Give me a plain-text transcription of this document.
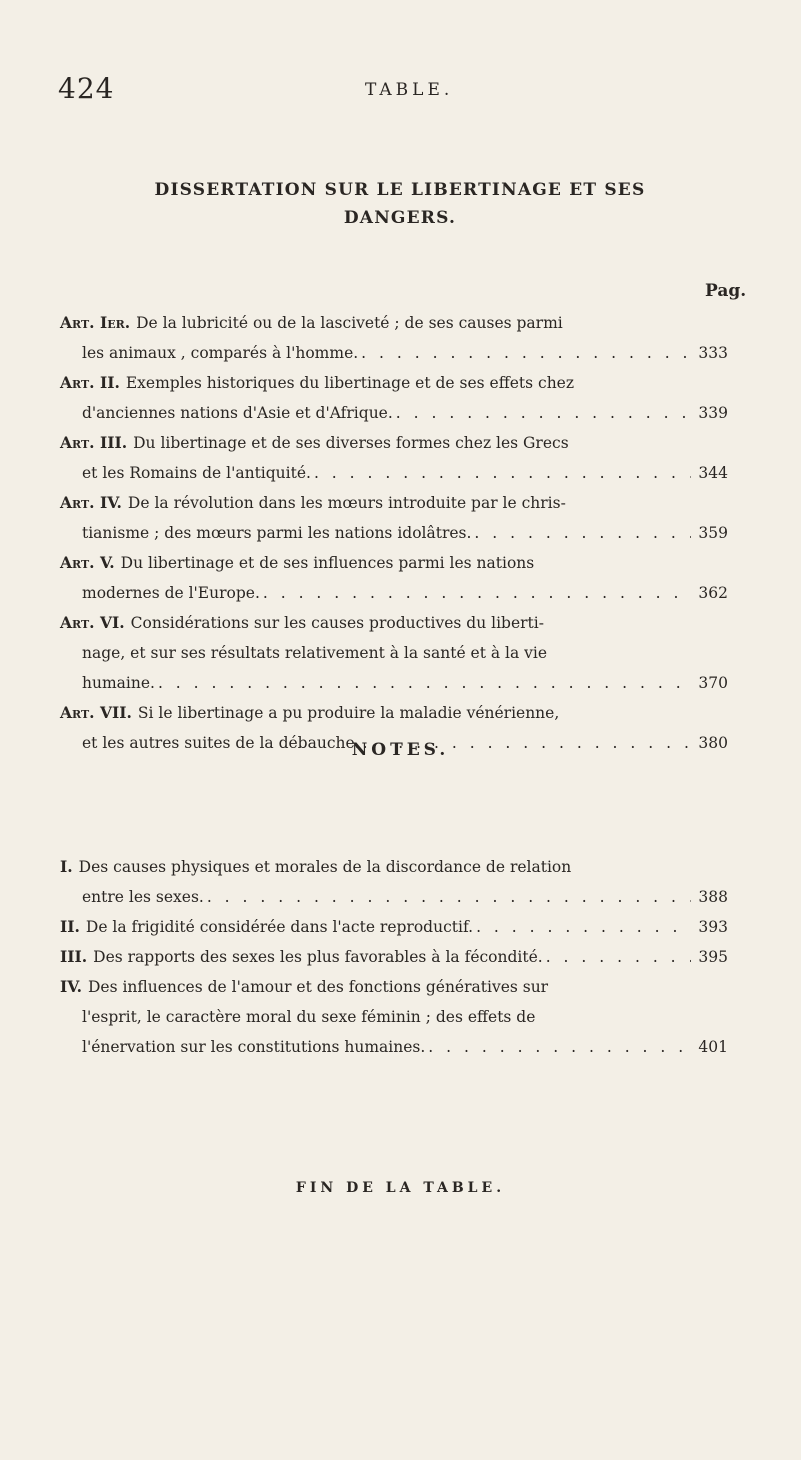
424	TABLE.
DISSERTATION SUR LE LIBERTINAGE ET SES
DANGERS.
Pag.
Art. Ier. De la lubricité ou de la lasciveté ; de ses causes parmi
les animaux , comparés à l'homme. . . .	333
Art. II. Exemples historiques du libertinage et de ses effets chez
d'anciennes nations d'Asie et d'Afrique. . . .	339
Art. III. Du libertinage et de ses diverses formes chez les Grecs
et les Romains de l'antiquité. . . .	344
Art. IV. De la révolution dans les mœurs introduite par le chris-
tianisme ; des mœurs parmi les nations idolâtres. . . .	359
Art. V. Du libertinage et de ses influences parmi les nations
modernes de l'Europe. . . .	362
Art. VI. Considérations sur les causes productives du liberti-
nage, et sur ses résultats relativement à la santé et à la vie
humaine. . . .	370
Art. VII. Si le libertinage a pu produire la maladie vénérienne,
et les autres suites de la débauche. . . .	380
NOTES.
I. Des causes physiques et morales de la discordance de relation
entre les sexes. . . .	388
II. De la frigidité considérée dans l'acte reproductif. . . .	393
III. Des rapports des sexes les plus favorables à la fécondité. . . .	395
IV. Des influences de l'amour et des fonctions génératives sur
l'esprit, le caractère moral du sexe féminin ; des effets de
l'énervation sur les constitutions humaines. . . .	401
FIN DE LA TABLE.
